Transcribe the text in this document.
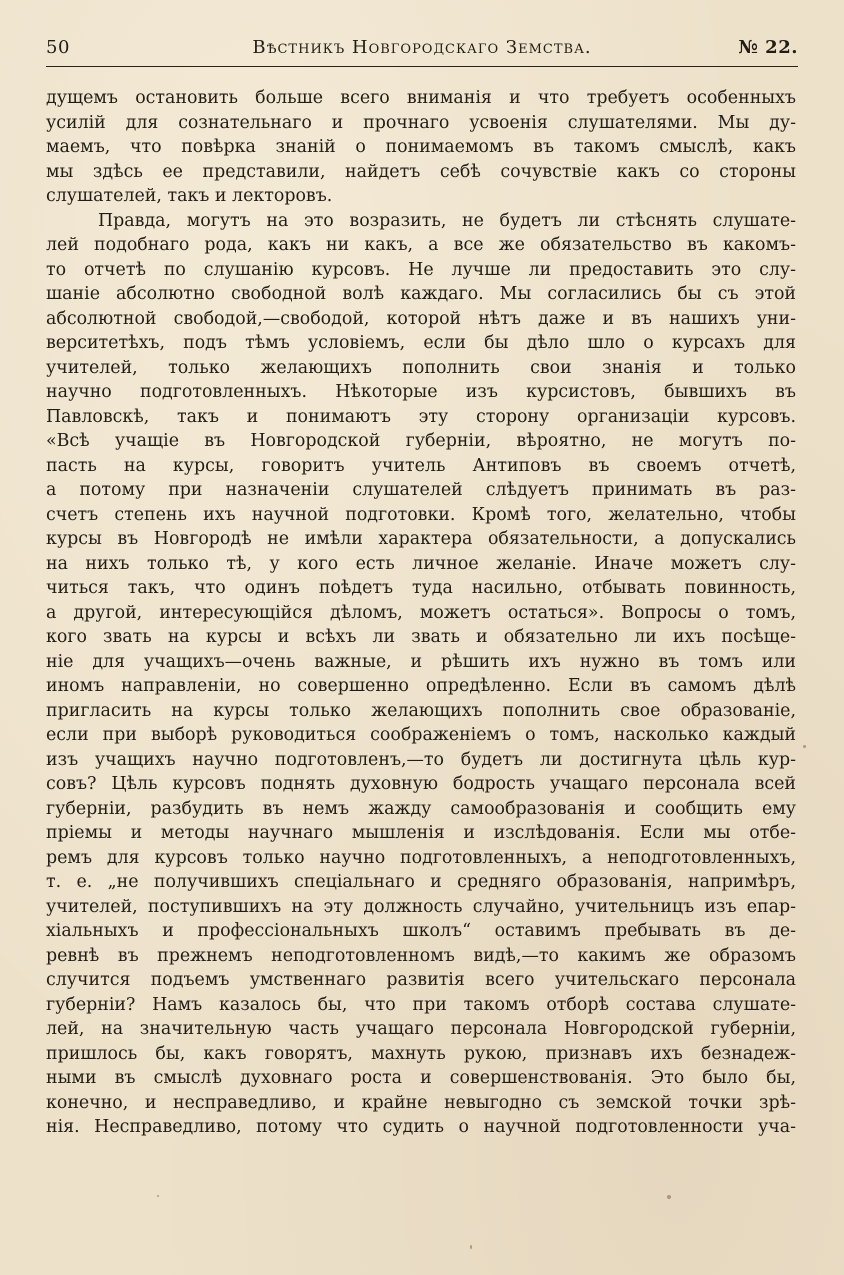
50	Вѣстникъ Новгородскаго Земства.	№ 22.
дущемъ остановить больше всего вниманія и что требуетъ особенныхъ
усилій для сознательнаго и прочнаго усвоенія слушателями. Мы ду-
маемъ, что повѣрка знаній о понимаемомъ въ такомъ смыслѣ, какъ
мы здѣсь ее представили, найдетъ себѣ сочувствіе какъ со стороны
слушателей, такъ и лекторовъ.
Правда, могутъ на это возразить, не будетъ ли стѣснять слушате-
лей подобнаго рода, какъ ни какъ, а все же обязательство въ какомъ-
то отчетѣ по слушанію курсовъ. Не лучше ли предоставить это слу-
шаніе абсолютно свободной волѣ каждаго. Мы согласились бы съ этой
абсолютной свободой,—свободой, которой нѣтъ даже и въ нашихъ уни-
верситетѣхъ, подъ тѣмъ условіемъ, если бы дѣло шло о курсахъ для
учителей, только желающихъ пополнить свои знанія и только
научно подготовленныхъ. Нѣкоторые изъ курсистовъ, бывшихъ въ
Павловскѣ, такъ и понимаютъ эту сторону организаціи курсовъ.
«Всѣ учащіе въ Новгородской губерніи, вѣроятно, не могутъ по-
пасть на курсы, говоритъ учитель Антиповъ въ своемъ отчетѣ,
а потому при назначеніи слушателей слѣдуетъ принимать въ раз-
счетъ степень ихъ научной подготовки. Кромѣ того, желательно, чтобы
курсы въ Новгородѣ не имѣли характера обязательности, а допускались
на нихъ только тѣ, у кого есть личное желаніе. Иначе можетъ слу-
читься такъ, что одинъ поѣдетъ туда насильно, отбывать повинность,
а другой, интересующійся дѣломъ, можетъ остаться». Вопросы о томъ,
кого звать на курсы и всѣхъ ли звать и обязательно ли ихъ посѣще-
ніе для учащихъ—очень важные, и рѣшить ихъ нужно въ томъ или
иномъ направленіи, но совершенно опредѣленно. Если въ самомъ дѣлѣ
пригласить на курсы только желающихъ пополнить свое образованіе,
если при выборѣ руководиться соображеніемъ о томъ, насколько каждый
изъ учащихъ научно подготовленъ,—то будетъ ли достигнута цѣль кур-
совъ? Цѣль курсовъ поднять духовную бодрость учащаго персонала всей
губерніи, разбудить въ немъ жажду самообразованія и сообщить ему
пріемы и методы научнаго мышленія и изслѣдованія. Если мы отбе-
ремъ для курсовъ только научно подготовленныхъ, а неподготовленныхъ,
т. е. „не получившихъ спеціальнаго и средняго образованія, напримѣръ,
учителей, поступившихъ на эту должность случайно, учительницъ изъ епар-
хіальныхъ и профессіональныхъ школъ“ оставимъ пребывать въ де-
ревнѣ въ прежнемъ неподготовленномъ видѣ,—то какимъ же образомъ
случится подъемъ умственнаго развитія всего учительскаго персонала
губерніи? Намъ казалось бы, что при такомъ отборѣ состава слушате-
лей, на значительную часть учащаго персонала Новгородской губерніи,
пришлось бы, какъ говорятъ, махнуть рукою, признавъ ихъ безнадеж-
ными въ смыслѣ духовнаго роста и совершенствованія. Это было бы,
конечно, и несправедливо, и крайне невыгодно съ земской точки зрѣ-
нія. Несправедливо, потому что судить о научной подготовленности уча-
